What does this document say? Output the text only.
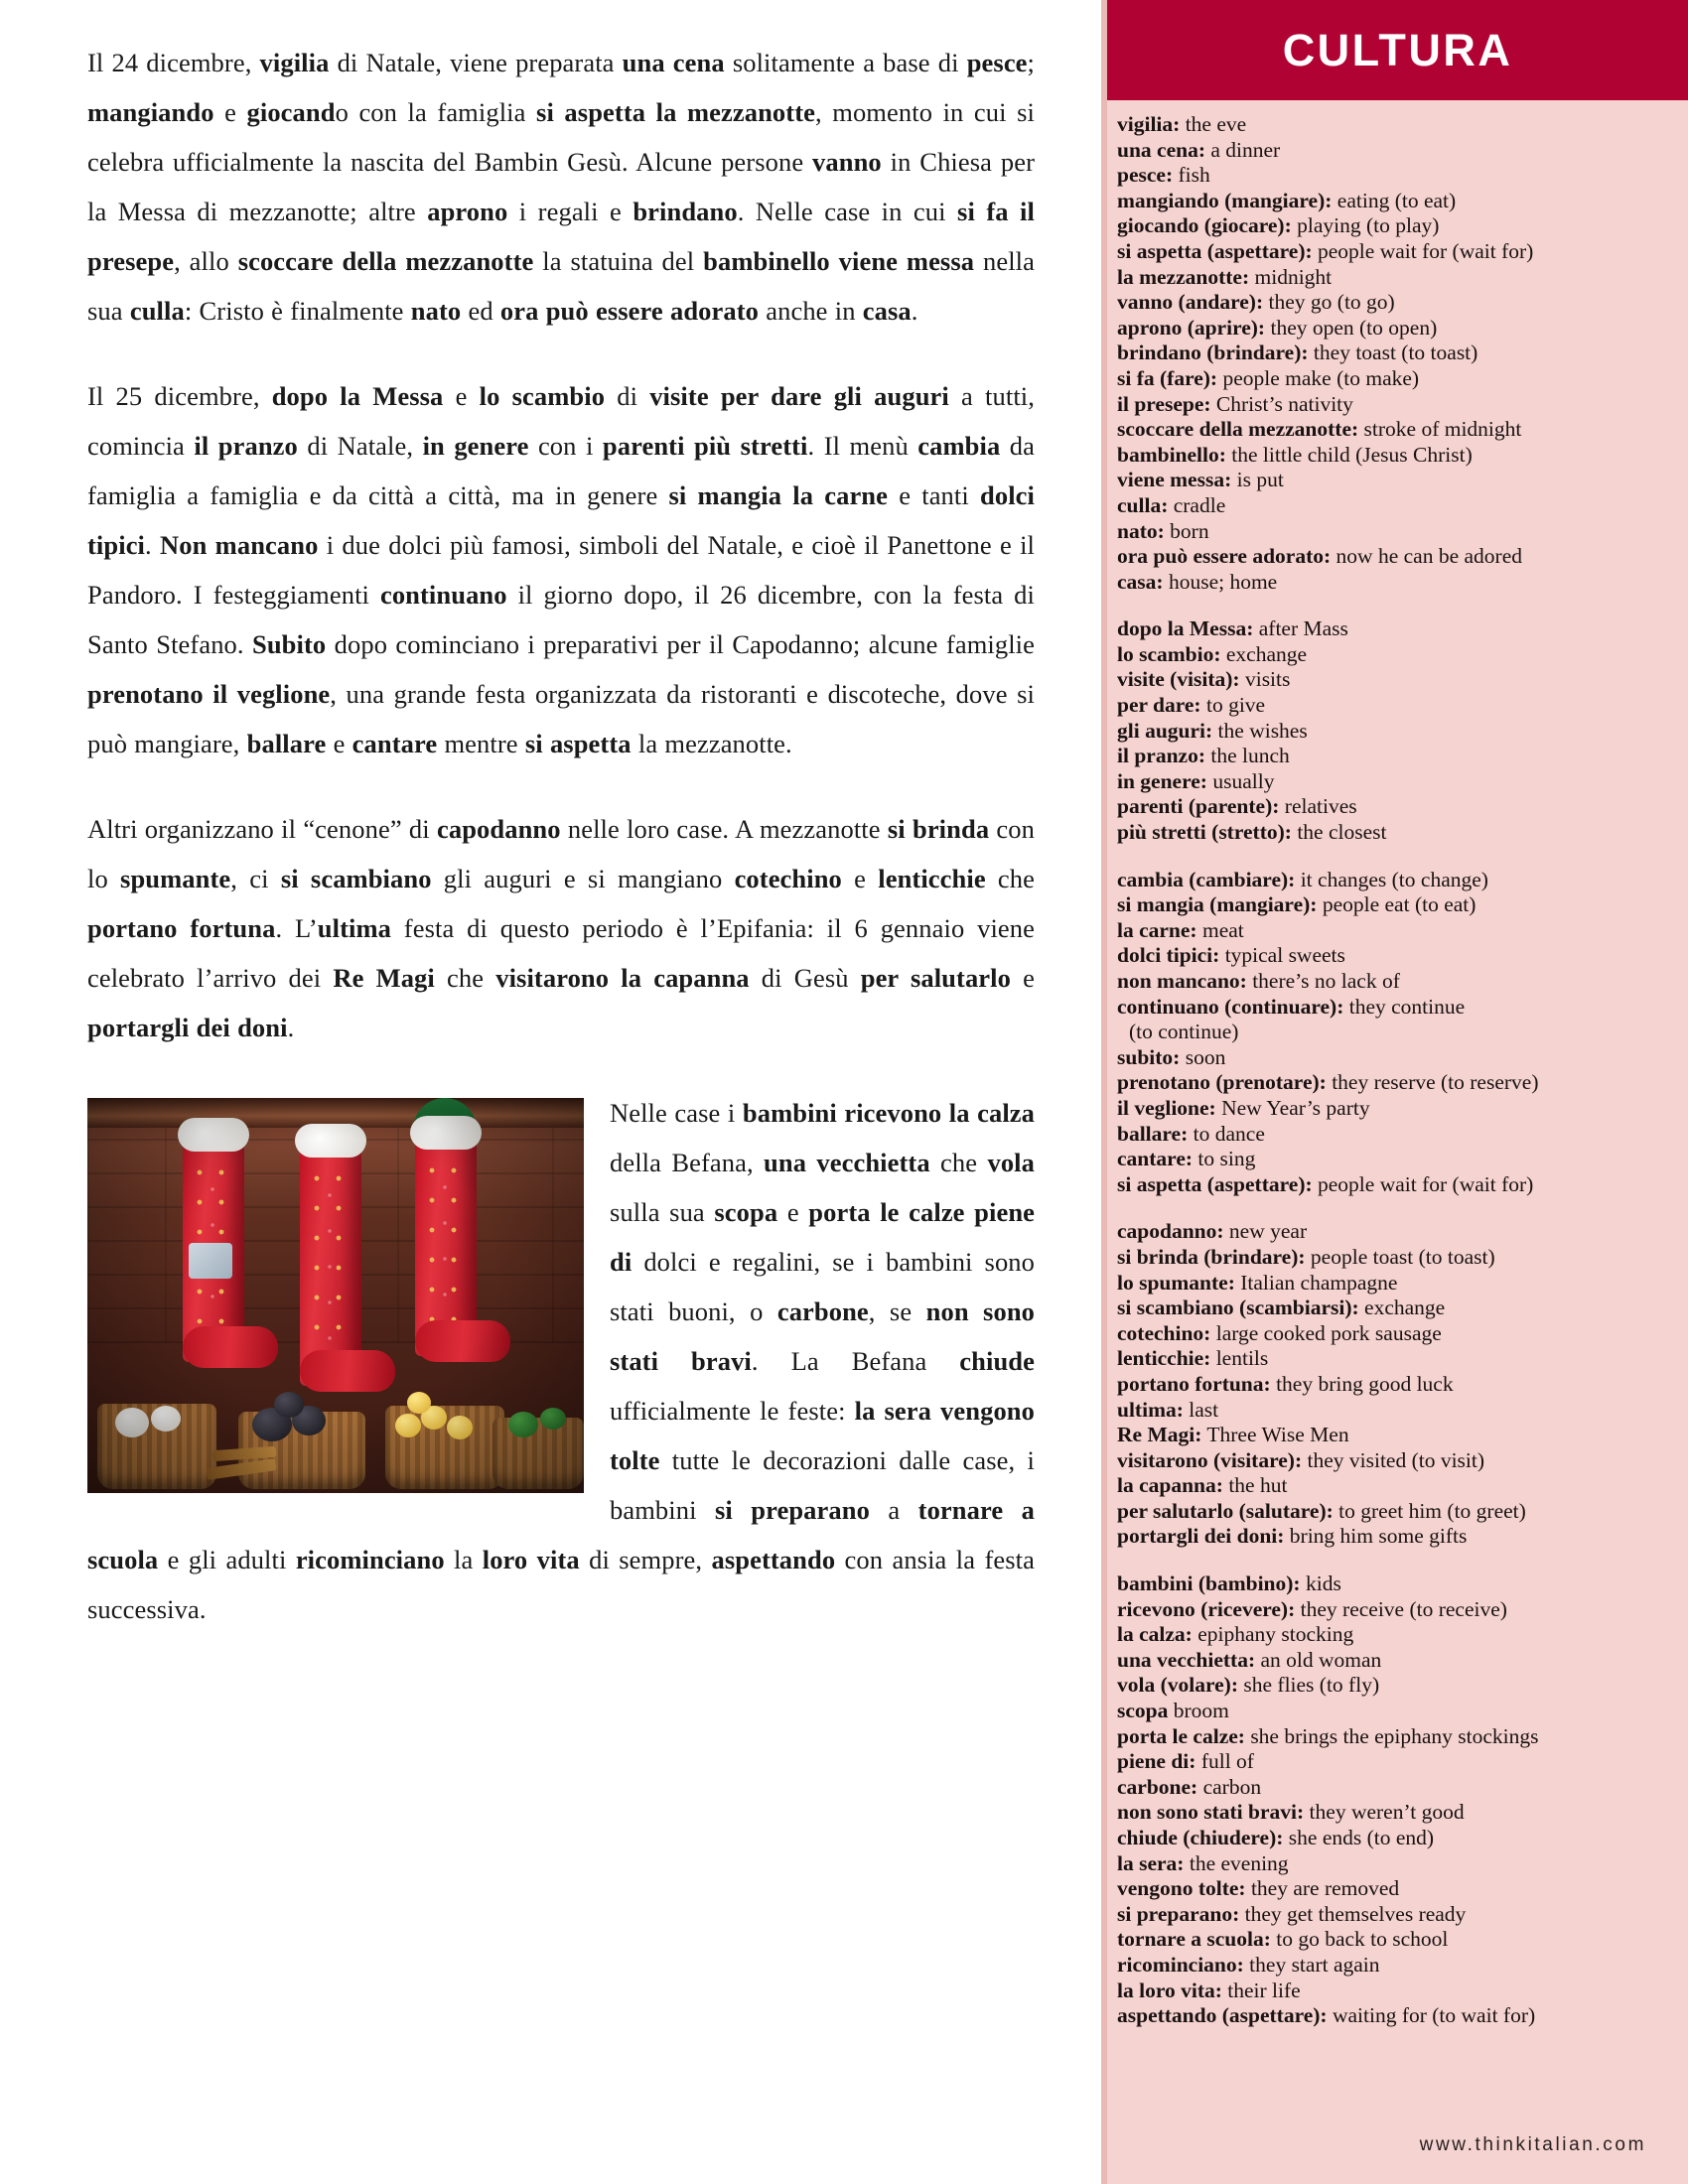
Il 24 dicembre, vigilia di Natale, viene preparata una cena solitamente a base di pesce; mangiando e giocando con la famiglia si aspetta la mezzanotte, momento in cui si celebra ufficialmente la nascita del Bambin Gesù. Alcune persone vanno in Chiesa per la Messa di mezzanotte; altre aprono i regali e brindano. Nelle case in cui si fa il presepe, allo scoccare della mezzanotte la statuina del bambinello viene messa nella sua culla: Cristo è finalmente nato ed ora può essere adorato anche in casa.

Il 25 dicembre, dopo la Messa e lo scambio di visite per dare gli auguri a tutti, comincia il pranzo di Natale, in genere con i parenti più stretti. Il menù cambia da famiglia a famiglia e da città a città, ma in genere si mangia la carne e tanti dolci tipici. Non mancano i due dolci più famosi, simboli del Natale, e cioè il Panettone e il Pandoro. I festeggiamenti continuano il giorno dopo, il 26 dicembre, con la festa di Santo Stefano. Subito dopo cominciano i preparativi per il Capodanno; alcune famiglie prenotano il veglione, una grande festa organizzata da ristoranti e discoteche, dove si può mangiare, ballare e cantare mentre si aspetta la mezzanotte.

Altri organizzano il “cenone” di capodanno nelle loro case. A mezzanotte si brinda con lo spumante, ci si scambiano gli auguri e si mangiano cotechino e lenticchie che portano fortuna. L’ultima festa di questo periodo è l’Epifania: il 6 gennaio viene celebrato l’arrivo dei Re Magi che visitarono la capanna di Gesù per salutarlo e portargli dei doni.

Nelle case i bambini ricevono la calza della Befana, una vecchietta che vola sulla sua scopa e porta le calze piene di dolci e regalini, se i bambini sono stati buoni, o carbone, se non sono stati bravi. La Befana chiude ufficialmente le feste: la sera vengono tolte tutte le decorazioni dalle case, i bambini si preparano a tornare a scuola e gli adulti ricominciano la loro vita di sempre, aspettando con ansia la festa successiva.

CULTURA
vigilia: the eve
una cena: a dinner
pesce: fish
mangiando (mangiare): eating (to eat)
giocando (giocare): playing (to play)
si aspetta (aspettare): people wait for (wait for)
la mezzanotte: midnight
vanno (andare): they go (to go)
aprono (aprire): they open (to open)
brindano (brindare): they toast (to toast)
si fa (fare): people make (to make)
il presepe: Christ’s nativity
scoccare della mezzanotte: stroke of midnight
bambinello: the little child (Jesus Christ)
viene messa: is put
culla: cradle
nato: born
ora può essere adorato: now he can be adored
casa: house; home
dopo la Messa: after Mass
lo scambio: exchange
visite (visita): visits
per dare: to give
gli auguri: the wishes
il pranzo: the lunch
in genere: usually
parenti (parente): relatives
più stretti (stretto): the closest
cambia (cambiare): it changes (to change)
si mangia (mangiare): people eat (to eat)
la carne: meat
dolci tipici: typical sweets
non mancano: there’s no lack of
continuano (continuare): they continue
(to continue)
subito: soon
prenotano (prenotare): they reserve (to reserve)
il veglione: New Year’s party
ballare: to dance
cantare: to sing
si aspetta (aspettare): people wait for (wait for)
capodanno: new year
si brinda (brindare): people toast (to toast)
lo spumante: Italian champagne
si scambiano (scambiarsi): exchange
cotechino: large cooked pork sausage
lenticchie: lentils
portano fortuna: they bring good luck
ultima: last
Re Magi: Three Wise Men
visitarono (visitare): they visited (to visit)
la capanna: the hut
per salutarlo (salutare): to greet him (to greet)
portargli dei doni: bring him some gifts
bambini (bambino): kids
ricevono (ricevere): they receive (to receive)
la calza: epiphany stocking
una vecchietta: an old woman
vola (volare): she flies (to fly)
scopa broom
porta le calze: she brings the epiphany stockings
piene di: full of
carbone: carbon
non sono stati bravi: they weren’t good
chiude (chiudere): she ends (to end)
la sera: the evening
vengono tolte: they are removed
si preparano: they get themselves ready
tornare a scuola: to go back to school
ricominciano: they start again
la loro vita: their life
aspettando (aspettare): waiting for (to wait for)
www.thinkitalian.com
